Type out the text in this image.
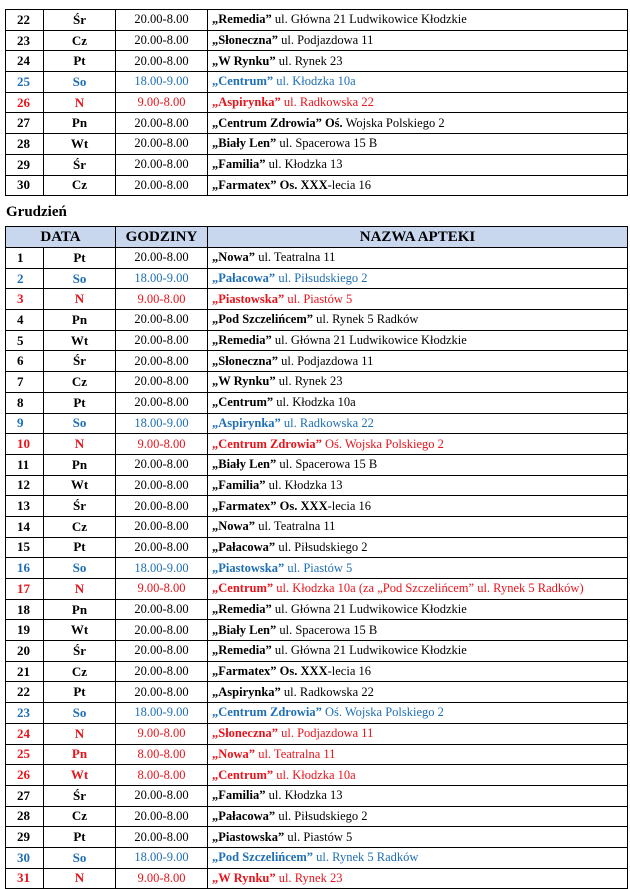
22	Śr	20.00-8.00	„Remedia” ul. Główna 21 Ludwikowice Kłodzkie
23	Cz	20.00-8.00	„Słoneczna” ul. Podjazdowa 11
24	Pt	20.00-8.00	„W Rynku” ul. Rynek 23
25	So	18.00-9.00	„Centrum” ul. Kłodzka 10a
26	N	9.00-8.00	„Aspirynka” ul. Radkowska 22
27	Pn	20.00-8.00	„Centrum Zdrowia” Oś. Wojska Polskiego 2
28	Wt	20.00-8.00	„Biały Len” ul. Spacerowa 15 B
29	Śr	20.00-8.00	„Familia” ul. Kłodzka 13
30	Cz	20.00-8.00	„Farmatex” Os. XXX-lecia 16
Grudzień
DATA		GODZINY	NAZWA APTEKI
1	Pt	20.00-8.00	„Nowa” ul. Teatralna 11
2	So	18.00-9.00	„Pałacowa” ul. Piłsudskiego 2
3	N	9.00-8.00	„Piastowska” ul. Piastów 5
4	Pn	20.00-8.00	„Pod Szczelińcem” ul. Rynek 5 Radków
5	Wt	20.00-8.00	„Remedia” ul. Główna 21 Ludwikowice Kłodzkie
6	Śr	20.00-8.00	„Słoneczna” ul. Podjazdowa 11
7	Cz	20.00-8.00	„W Rynku” ul. Rynek 23
8	Pt	20.00-8.00	„Centrum” ul. Kłodzka 10a
9	So	18.00-9.00	„Aspirynka” ul. Radkowska 22
10	N	9.00-8.00	„Centrum Zdrowia” Oś. Wojska Polskiego 2
11	Pn	20.00-8.00	„Biały Len” ul. Spacerowa 15 B
12	Wt	20.00-8.00	„Familia” ul. Kłodzka 13
13	Śr	20.00-8.00	„Farmatex” Os. XXX-lecia 16
14	Cz	20.00-8.00	„Nowa” ul. Teatralna 11
15	Pt	20.00-8.00	„Pałacowa” ul. Piłsudskiego 2
16	So	18.00-9.00	„Piastowska” ul. Piastów 5
17	N	9.00-8.00	„Centrum” ul. Kłodzka 10a (za „Pod Szczelińcem” ul. Rynek 5 Radków)
18	Pn	20.00-8.00	„Remedia” ul. Główna 21 Ludwikowice Kłodzkie
19	Wt	20.00-8.00	„Biały Len” ul. Spacerowa 15 B
20	Śr	20.00-8.00	„Remedia” ul. Główna 21 Ludwikowice Kłodzkie
21	Cz	20.00-8.00	„Farmatex” Os. XXX-lecia 16
22	Pt	20.00-8.00	„Aspirynka” ul. Radkowska 22
23	So	18.00-9.00	„Centrum Zdrowia” Oś. Wojska Polskiego 2
24	N	9.00-8.00	„Słoneczna” ul. Podjazdowa 11
25	Pn	8.00-8.00	„Nowa” ul. Teatralna 11
26	Wt	8.00-8.00	„Centrum” ul. Kłodzka 10a
27	Śr	20.00-8.00	„Familia” ul. Kłodzka 13
28	Cz	20.00-8.00	„Pałacowa” ul. Piłsudskiego 2
29	Pt	20.00-8.00	„Piastowska” ul. Piastów 5
30	So	18.00-9.00	„Pod Szczelińcem” ul. Rynek 5 Radków
31	N	9.00-8.00	„W Rynku” ul. Rynek 23
